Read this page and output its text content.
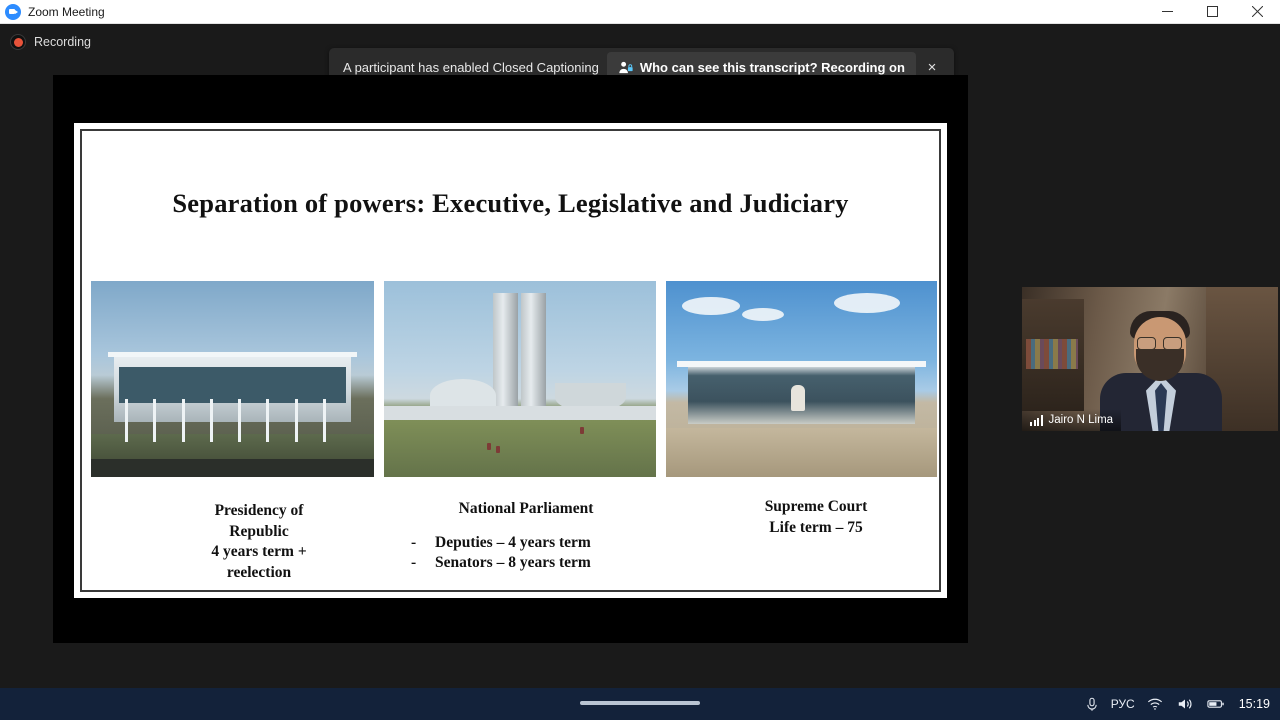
Zoom Meeting
Recording
A participant has enabled Closed Captioning	Who can see this transcript? Recording on	×
Separation of powers: Executive, Legislative and Judiciary
Presidency of
Republic
4 years term +
reelection
National Parliament
- Deputies – 4 years term
- Senators – 8 years term
Supreme Court
Life term – 75
Jairo N Lima
РУС	15:19
